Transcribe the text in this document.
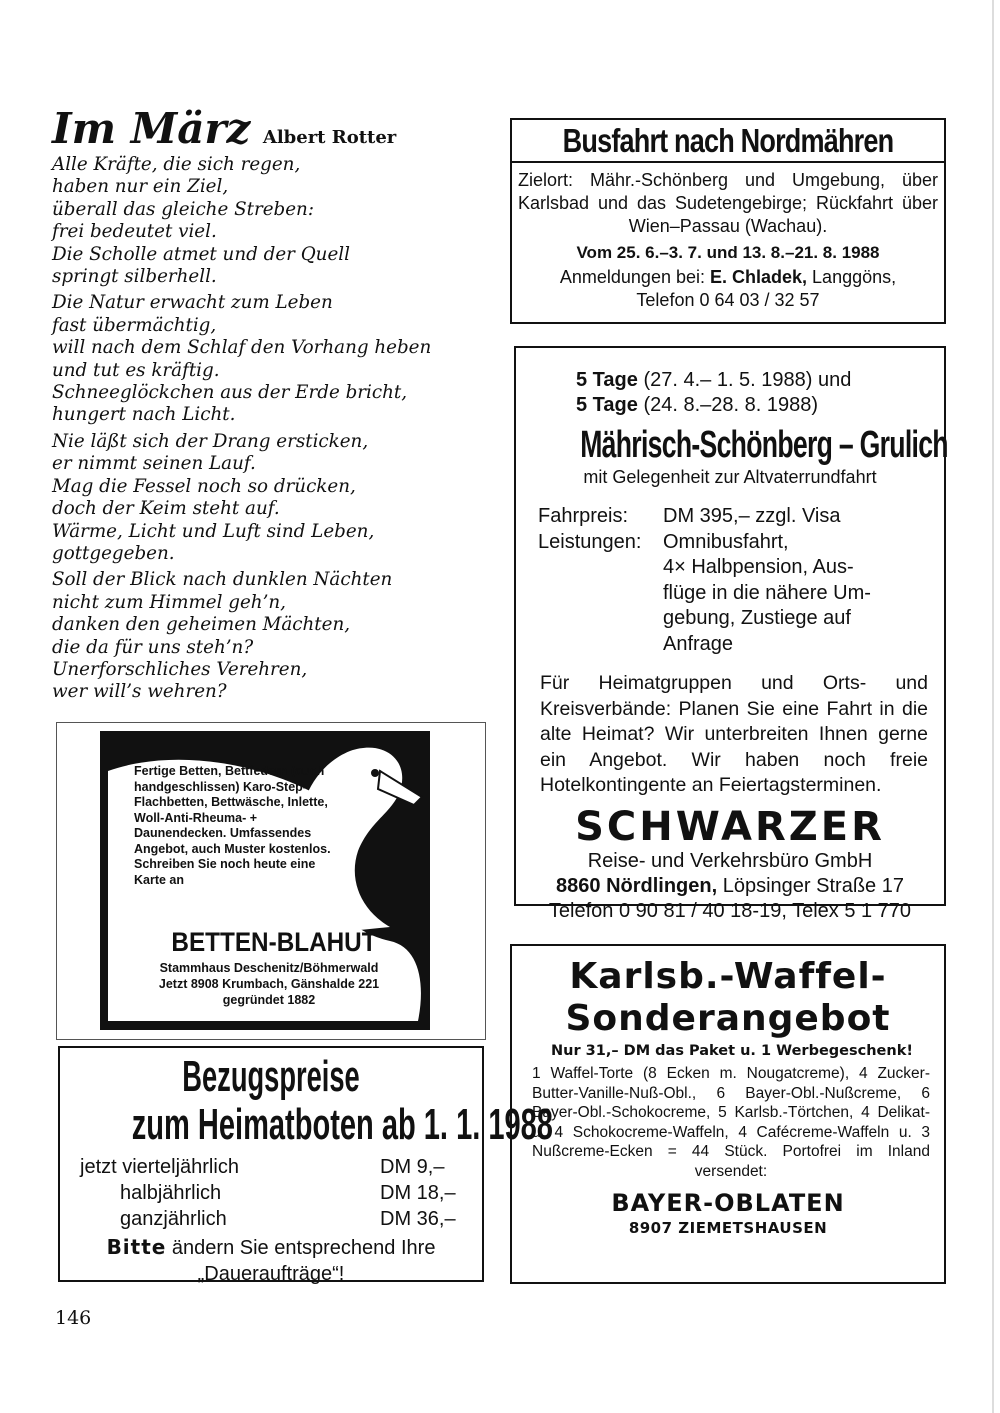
Im März Albert Rotter
Alle Kräfte, die sich regen,
haben nur ein Ziel,
überall das gleiche Streben:
frei bedeutet viel.
Die Scholle atmet und der Quell
springt silberhell.
Die Natur erwacht zum Leben
fast übermächtig,
will nach dem Schlaf den Vorhang heben
und tut es kräftig.
Schneeglöckchen aus der Erde bricht,
hungert nach Licht.
Nie läßt sich der Drang ersticken,
er nimmt seinen Lauf.
Mag die Fessel noch so drücken,
doch der Keim steht auf.
Wärme, Licht und Luft sind Leben,
gottgegeben.
Soll der Blick nach dunklen Nächten
nicht zum Himmel geh’n,
danken den geheimen Mächten,
die da für uns steh’n?
Unerforschliches Verehren,
wer will’s wehren?
Busfahrt nach Nordmähren

Zielort: Mähr.-Schönberg und Umgebung, über Karlsbad und das Sudetengebirge; Rückfahrt über Wien–Passau (Wachau).

Vom 25. 6.–3. 7. und 13. 8.–21. 8. 1988

Anmeldungen bei: E. Chladek, Langgöns,
Telefon 0 64 03 / 32 57

5 Tage (27. 4.– 1. 5. 1988) und
5 Tage (24. 8.–28. 8. 1988)
Mährisch-Schönberg – Grulich
mit Gelegenheit zur Altvaterrundfahrt
Fahrpreis:	DM 395,– zzgl. Visa
Leistungen:	Omnibusfahrt,
4× Halbpension, Aus-
flüge in die nähere Um-
gebung, Zustiege auf
Anfrage
Für Heimatgruppen und Orts- und Kreisverbände: Planen Sie eine Fahrt in die alte Heimat? Wir unterbreiten Ihnen gerne ein Angebot. Wir haben noch freie Hotelkontingente an Feiertagsterminen.
SCHWARZER
Reise- und Verkehrsbüro GmbH
8860 Nördlingen, Löpsinger Straße 17
Telefon 0 90 81 / 40 18-19, Telex 5 1 770
Fertige Betten, Bettfedern (auch handgeschlissen) Karo-Step-Flachbetten, Bettwäsche, Inlette, Woll-Anti-Rheuma- + Daunendecken. Umfassendes Angebot, auch Muster kostenlos. Schreiben Sie noch heute eine Karte an
BETTEN-BLAHUT
Stammhaus Deschenitz/Böhmerwald
Jetzt 8908 Krumbach, Gänshalde 221
gegründet 1882
Bezugspreise
zum Heimatboten ab 1. 1. 1988
jetzt vierteljährlich	DM 9,–
halbjährlich	DM 18,–
ganzjährlich	DM 36,–
Bitte ändern Sie entsprechend Ihre
„Daueraufträge“!
Karlsb.-Waffel-
Sonderangebot
Nur 31,– DM das Paket u. 1 Werbegeschenk!
1 Waffel-Torte (8 Ecken m. Nougatcreme), 4 Zucker-Butter-Vanille-Nuß-Obl., 6 Bayer-Obl.-Nußcreme, 6 Bayer-Obl.-Schokocreme, 5 Karlsb.-Törtchen, 4 Delikat- u. 4 Schokocreme-Waffeln, 4 Cafécreme-Waffeln u. 3 Nußcreme-Ecken = 44 Stück. Portofrei im Inland versendet:
BAYER-OBLATEN
8907 ZIEMETSHAUSEN
146
